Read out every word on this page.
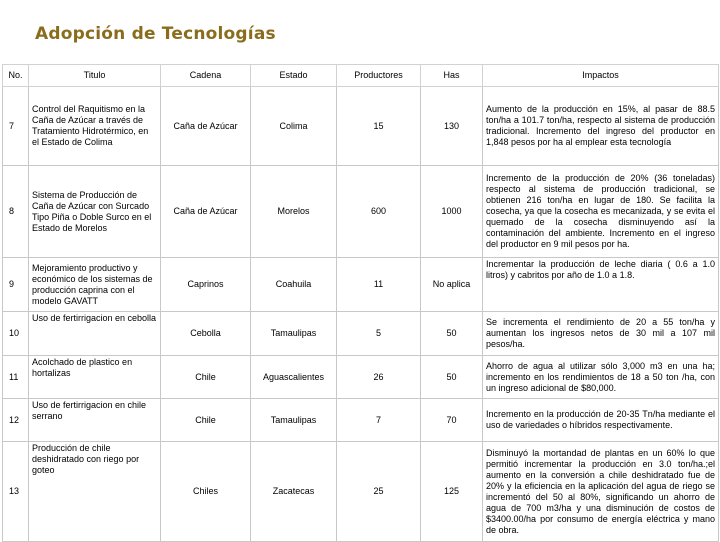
Adopción de Tecnologías
No.	Titulo	Cadena	Estado	Productores	Has	Impactos
7	Control del Raquitismo en la Caña de Azúcar a través de Tratamiento Hidrotérmico, en el Estado de Colima	Caña de Azúcar	Colima	15	130	Aumento de la producción en 15%, al pasar de 88.5 ton/ha a 101.7 ton/ha, respecto al sistema de producción tradicional. Incremento del ingreso del productor en 1,848 pesos por ha al emplear esta tecnología
8	Sistema de Producción de Caña de Azúcar con Surcado Tipo Piña o Doble Surco en el Estado de Morelos	Caña de Azúcar	Morelos	600	1000	Incremento de la producción de 20% (36 toneladas) respecto al sistema de producción tradicional, se obtienen 216 ton/ha en lugar de 180. Se facilita la cosecha, ya que la cosecha es mecanizada, y se evita el quemado de la cosecha disminuyendo así la contaminación del ambiente. Incremento en el ingreso del productor en 9 mil pesos por ha.
9	Mejoramiento productivo y económico de los sistemas de producción caprina con el modelo GAVATT	Caprinos	Coahuila	11	No aplica	Incrementar la producción de leche diaria ( 0.6 a 1.0 litros) y cabritos por año de 1.0 a 1.8.
10	Uso de fertirrigacion en cebolla	Cebolla	Tamaulipas	5	50	Se incrementa el rendimiento de 20 a 55 ton/ha y aumentan los ingresos netos de 30 mil a 107 mil pesos/ha.
11	Acolchado de plastico en hortalizas	Chile	Aguascalientes	26	50	Ahorro de agua al utilizar sólo 3,000 m3 en una ha; incremento en los rendimientos de 18 a 50 ton /ha, con un ingreso adicional de $80,000.
12	Uso de fertirrigacion en chile serrano	Chile	Tamaulipas	7	70	Incremento en la producción de 20-35 Tn/ha mediante el uso de variedades o híbridos respectivamente.
13	Producción de chile deshidratado con riego por goteo	Chiles	Zacatecas	25	125	Disminuyó la mortandad de plantas en un 60% lo que permitió incrementar la producción en 3.0 ton/ha.;el aumento en la conversión a chile deshidratado fue de 20% y la eficiencia en la aplicación del agua de riego se incrementó del 50 al 80%, significando un ahorro de agua de 700 m3/ha y una disminución de costos de $3400.00/ha por consumo de energía eléctrica y mano de obra.
